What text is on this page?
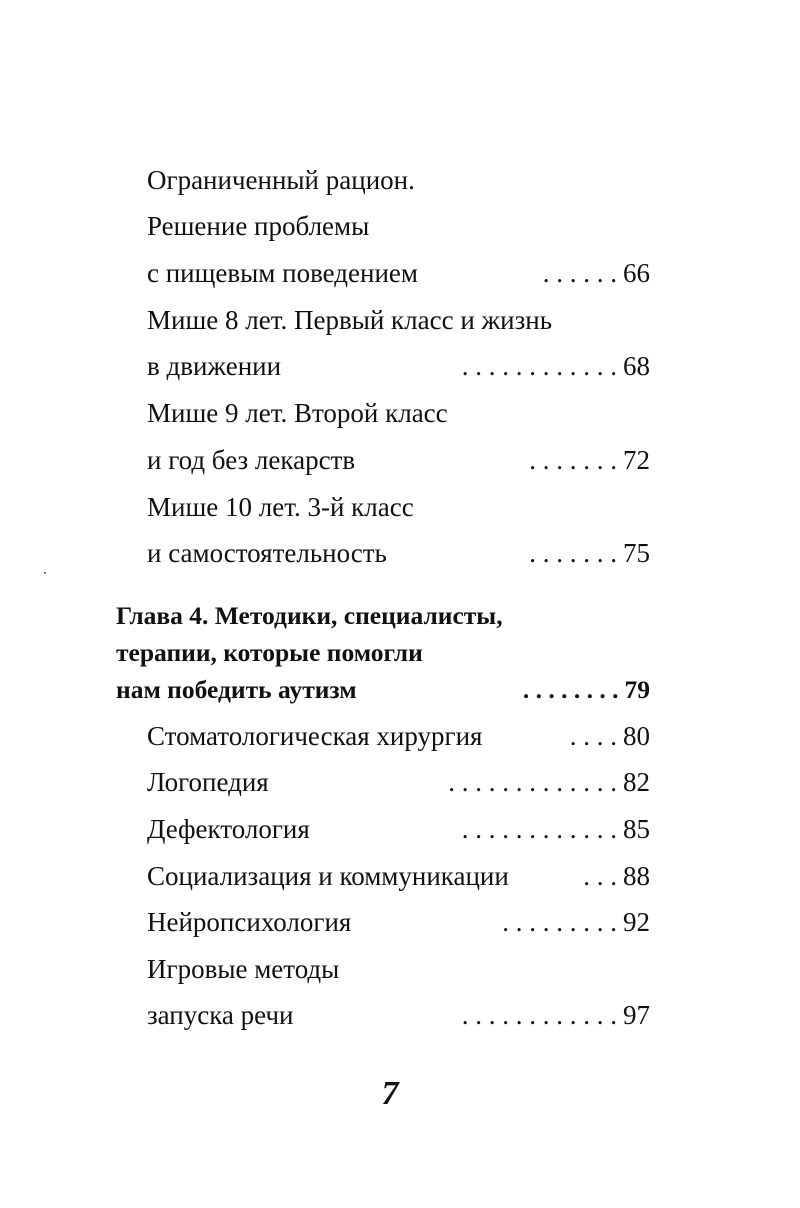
Ограниченный рацион.
Решение проблемы
с пищевым поведением	. . . . . . 66
Мише 8 лет. Первый класс и жизнь
в движении	. . . . . . . . . . . . 68
Мише 9 лет. Второй класс
и год без лекарств	. . . . . . . 72
Мише 10 лет. 3-й класс
и самостоятельность	. . . . . . . 75
Глава 4. Методики, специалисты,
терапии, которые помогли
нам победить аутизм	. . . . . . . . 79
Стоматологическая хирургия	. . . . 80
Логопедия	. . . . . . . . . . . . . 82
Дефектология	. . . . . . . . . . . . 85
Социализация и коммуникации	. . . 88
Нейропсихология	. . . . . . . . . 92
Игровые методы
запуска речи	. . . . . . . . . . . . 97
7
